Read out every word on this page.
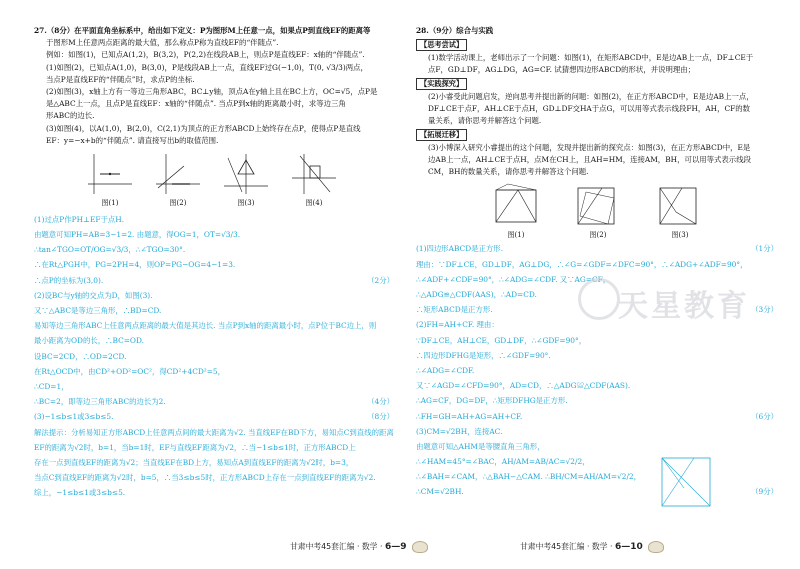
27.（8分）在平面直角坐标系中，给出如下定义：P为图形M上任意一点，如果点P到直线EF的距离等
于图形M上任意两点距离的最大值，那么称点P称为直线EF的“伴随点”.
例如：如图(1)，已知点A(1,2)，B(3,2)，P(2,2)在线段AB上，则点P是直线EF：x轴的“伴随点”.
(1)如图(2)，已知点A(1,0)，B(3,0)，P是线段AB上一点，直线EF过G(−1,0)，T(0, √3/3)两点，
当点P是直线EF的“伴随点”时，求点P的坐标.
(2)如图(3)，x轴上方有一等边三角形ABC，BC⊥y轴，顶点A在y轴上且在BC上方，OC=√5，点P是
是△ABC上一点，且点P是直线EF：x轴的“伴随点”. 当点P到x轴的距离最小时，求等边三角
形ABC的边长.
(3)如图(4)，以A(1,0)，B(2,0)，C(2,1)为顶点的正方形ABCD上始终存在点P，使得点P是直线
EF：y=−x+b的“伴随点”. 请直接写出b的取值范围.
图(1)	图(2)	图(3)	图(4)
(1)过点P作PH⊥EF于点H.
由题意可知PH=AB=3−1=2. 由题意，得OG=1，OT=√3/3.
∴tan∠TGO=OT/OG=√3/3，∴∠TGO=30°.
∴在Rt△PGH中，PG=2PH=4，则OP=PG−OG=4−1=3.
∴点P的坐标为(3,0).	（2分）
(2)设BC与y轴的交点为D，如图(3).
又∵△ABC是等边三角形，∴BD=CD.
易知等边三角形ABC上任意两点距离的最大值是其边长. 当点P到x轴的距离最小时，点P位于BC边上，则
最小距离为OD的长，∴BC=OD.
设BC=2CD，∴OD=2CD.
在Rt△OCD中，由CD²+OD²=OC²，得CD²+4CD²=5，
∴CD=1，
∴BC=2，即等边三角形ABC的边长为2.	（4分）
(3)−1≤b≤1或3≤b≤5.	（8分）
解法提示：分析易知正方形ABCD上任意两点间的最大距离为√2. 当直线EF在BD下方，易知点C到直线的距离
EF的距离为√2时，b=1，当b=1时，EF与直线EF距离为√2，∴当−1≤b≤1时，正方形ABCD上
存在一点到直线EF的距离为√2；当直线EF在BD上方，易知点A到直线EF的距离为√2时，b=3，
当点C到直线EF的距离为√2时，b=5，∴当3≤b≤5时，正方形ABCD上存在一点到直线EF的距离为√2.
综上，−1≤b≤1或3≤b≤5.
28.（9分）综合与实践
【思考尝试】
(1)数学活动课上，老师出示了一个问题：如图(1)，在矩形ABCD中，E是边AB上一点，DF⊥CE于
点F，GD⊥DF，AG⊥DG，AG=CF. 试猜想四边形ABCD的形状，并说明理由；
【实践探究】
(2)小睿受此问题启发，逆向思考并提出新的问题：如图(2)，在正方形ABCD中，E是边AB上一点，
DF⊥CE于点F，AH⊥CE于点H，GD⊥DF交HA于点G，可以用等式表示线段FH，AH，CF的数
量关系，请你思考并解答这个问题.
【拓展迁移】
(3)小博深入研究小睿提出的这个问题，发现并提出新的探究点：如图(3)，在正方形ABCD中，E是
边AB上一点，AH⊥CE于点H，点M在CH上，且AH=HM，连接AM，BH，可以用等式表示线段
CM，BH的数量关系，请你思考并解答这个问题.
图(1)	图(2)	图(3)
(1)四边形ABCD是正方形.	（1分）
理由：∵DF⊥CE，GD⊥DF，AG⊥DG，∴∠G=∠GDF=∠DFC=90°，∴∠ADG+∠ADF=90°，
∴∠ADF+∠CDF=90°，∴∠ADG=∠CDF. 又∵AG=CF，
∴△ADG≌△CDF(AAS)，∴AD=CD.
∴矩形ABCD是正方形.	（3分）
(2)FH=AH+CF. 理由：
∵DF⊥CE，AH⊥CE，GD⊥DF，∴∠GDF=90°，
∴四边形DFHG是矩形，∴∠GDF=90°.
∴∠ADG=∠CDF.
又∵∠AGD=∠CFD=90°，AD=CD，∴△ADG≌△CDF(AAS).
∴AG=CF，DG=DF，∴矩形DFHG是正方形.
∴FH=GH=AH+AG=AH+CF.	（6分）
(3)CM=√2BH，连接AC.
由题意可知△AHM是等腰直角三角形，
∴∠HAM=45°=∠BAC，AH/AM=AB/AC=√2/2，
∴∠BAH=∠CAM，∴△BAH∽△CAM. ∴BH/CM=AH/AM=√2/2，
∴CM=√2BH.	（9分）
天星教育
甘肃中考45套汇编 · 数学 · 6—9	甘肃中考45套汇编 · 数学 · 6—10
